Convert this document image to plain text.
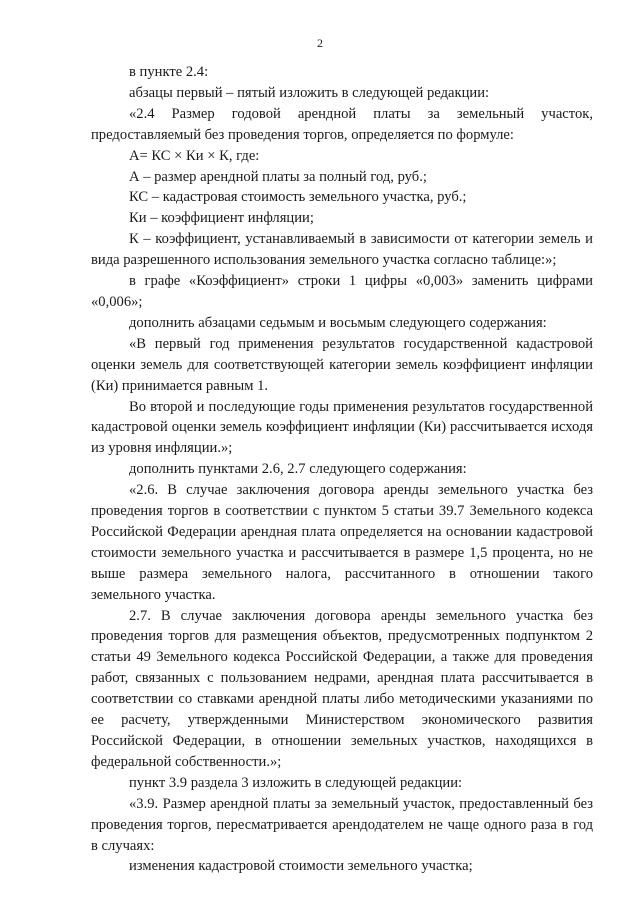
2

в пункте 2.4:

абзацы первый – пятый изложить в следующей редакции:

«2.4 Размер годовой арендной платы за земельный участок, предоставляемый без проведения торгов, определяется по формуле:

А= КС × Ки × К, где:

А – размер арендной платы за полный год, руб.;

КС – кадастровая стоимость земельного участка, руб.;

Ки – коэффициент инфляции;

К – коэффициент, устанавливаемый в зависимости от категории земель и вида разрешенного использования земельного участка согласно таблице:»;

в графе «Коэффициент» строки 1 цифры «0,003» заменить цифрами «0,006»;

дополнить абзацами седьмым и восьмым следующего содержания:

«В первый год применения результатов государственной кадастровой оценки земель для соответствующей категории земель коэффициент инфляции (Ки) принимается равным 1.

Во второй и последующие годы применения результатов государственной кадастровой оценки земель коэффициент инфляции (Ки) рассчитывается исходя из уровня инфляции.»;

дополнить пунктами 2.6, 2.7 следующего содержания:

«2.6. В случае заключения договора аренды земельного участка без проведения торгов в соответствии с пунктом 5 статьи 39.7 Земельного кодекса Российской Федерации арендная плата определяется на основании кадастровой стоимости земельного участка и рассчитывается в размере 1,5 процента, но не выше размера земельного налога, рассчитанного в отношении такого земельного участка.

2.7. В случае заключения договора аренды земельного участка без проведения торгов для размещения объектов, предусмотренных подпунктом 2 статьи 49 Земельного кодекса Российской Федерации, а также для проведения работ, связанных с пользованием недрами, арендная плата рассчитывается в соответствии со ставками арендной платы либо методическими указаниями по ее расчету, утвержденными Министерством экономического развития Российской Федерации, в отношении земельных участков, находящихся в федеральной собственности.»;

пункт 3.9 раздела 3 изложить в следующей редакции:

«3.9. Размер арендной платы за земельный участок, предоставленный без проведения торгов, пересматривается арендодателем не чаще одного раза в год в случаях:

изменения кадастровой стоимости земельного участка;
